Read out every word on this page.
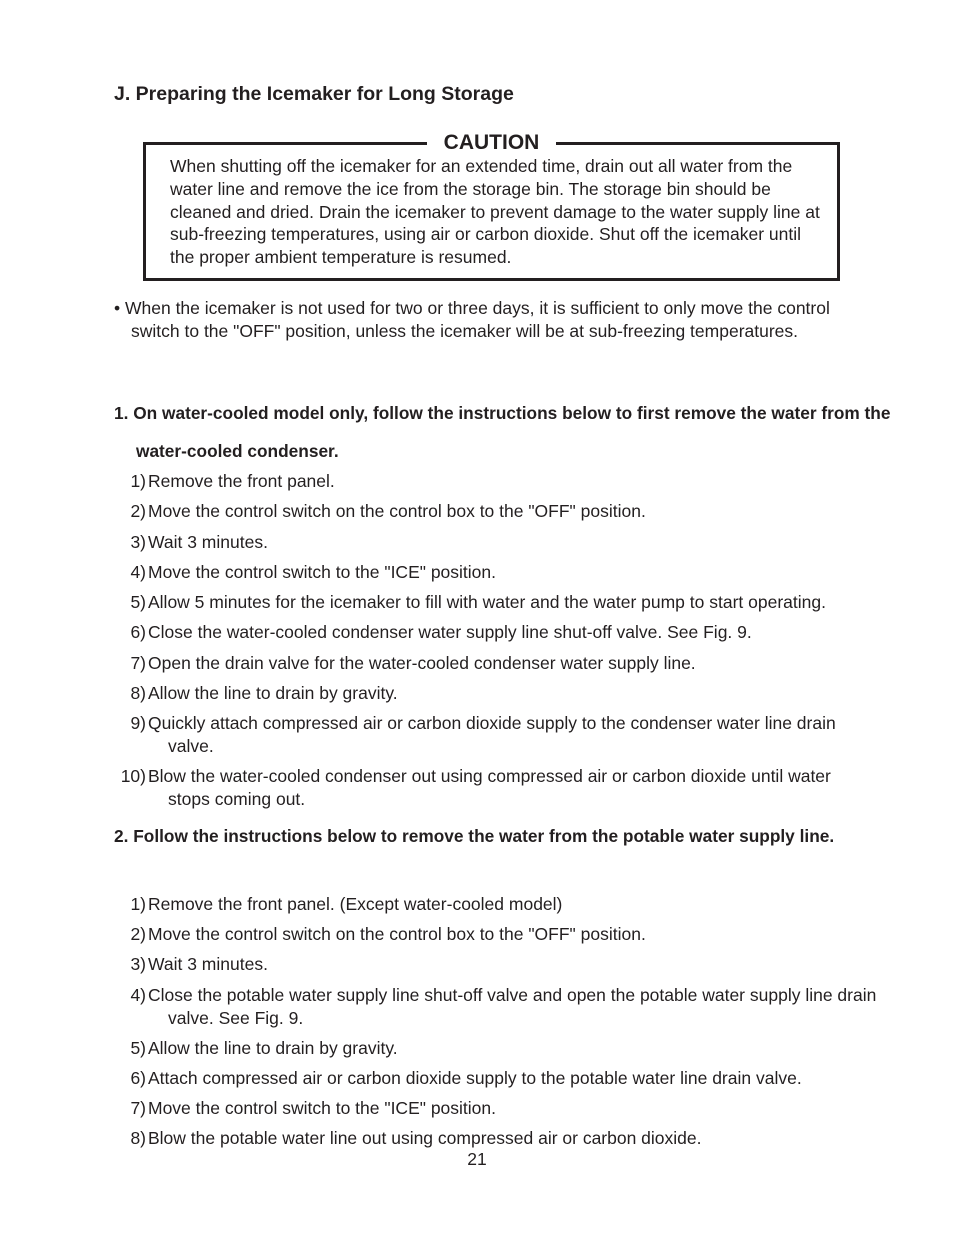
J. Preparing the Icemaker for Long Storage
CAUTION

When shutting off the icemaker for an extended time, drain out all water from the water line and remove the ice from the storage bin. The storage bin should be cleaned and dried. Drain the icemaker to prevent damage to the water supply line at sub-freezing temperatures, using air or carbon dioxide. Shut off the icemaker until the proper ambient temperature is resumed.

• When the icemaker is not used for two or three days, it is sufficient to only move the control switch to the "OFF" position, unless the icemaker will be at sub-freezing temperatures.

1. On water-cooled model only, follow the instructions below to first remove the water from the water-cooled condenser.

1) Remove the front panel.

2) Move the control switch on the control box to the "OFF" position.

3) Wait 3 minutes.

4) Move the control switch to the "ICE" position.

5) Allow 5 minutes for the icemaker to fill with water and the water pump to start operating.

6) Close the water-cooled condenser water supply line shut-off valve. See Fig. 9.

7) Open the drain valve for the water-cooled condenser water supply line.

8) Allow the line to drain by gravity.

9) Quickly attach compressed air or carbon dioxide supply to the condenser water line drain valve.

10) Blow the water-cooled condenser out using compressed air or carbon dioxide until water stops coming out.

2. Follow the instructions below to remove the water from the potable water supply line.

1) Remove the front panel. (Except water-cooled model)

2) Move the control switch on the control box to the "OFF" position.

3) Wait 3 minutes.

4) Close the potable water supply line shut-off valve and open the potable water supply line drain valve. See Fig. 9.

5) Allow the line to drain by gravity.

6) Attach compressed air or carbon dioxide supply to the potable water line drain valve.

7) Move the control switch to the "ICE" position.

8) Blow the potable water line out using compressed air or carbon dioxide.

21
